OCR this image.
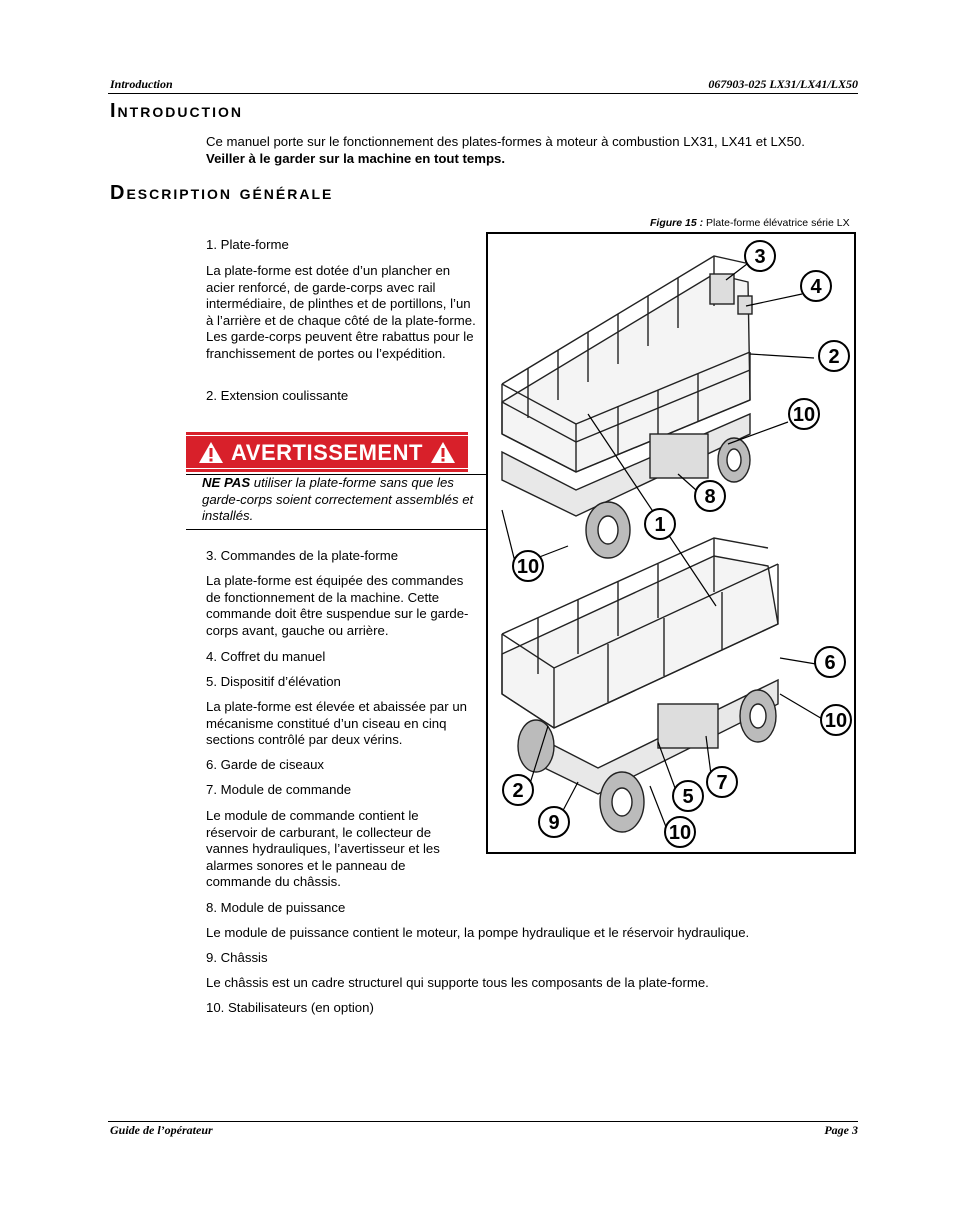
Introduction	067903-025 LX31/LX41/LX50
Introduction
Ce manuel porte sur le fonctionnement des plates-formes à moteur à combustion LX31, LX41 et LX50.
Veiller à le garder sur la machine en tout temps.
Description générale
1. Plate-forme
La plate-forme est dotée d’un plancher en acier renforcé, de garde-corps avec rail intermédiaire, de plinthes et de portillons, l’un à l’arrière et de chaque côté de la plate-forme. Les garde-corps peuvent être rabattus pour le franchissement de portes ou l’expédition.
2. Extension coulissante
AVERTISSEMENT
NE PAS utiliser la plate-forme sans que les garde-corps soient correctement assemblés et installés.
3. Commandes de la plate-forme
La plate-forme est équipée des commandes de fonctionnement de la machine. Cette commande doit être suspendue sur le garde-corps avant, gauche ou arrière.
4. Coffret du manuel
5. Dispositif d’élévation
La plate-forme est élevée et abaissée par un mécanisme constitué d’un ciseau en cinq sections contrôlé par deux vérins.
6. Garde de ciseaux
7. Module de commande
Le module de commande contient le réservoir de carburant, le collecteur de vannes hydrauliques, l’avertisseur et les alarmes sonores et le panneau de commande du châssis.
8. Module de puissance
Le module de puissance contient le moteur, la pompe hydraulique et le réservoir hydraulique.
9. Châssis
Le châssis est un cadre structurel qui supporte tous les composants de la plate-forme.
10. Stabilisateurs (en option)
Figure 15 : Plate-forme élévatrice série LX
3
4
2
10
8
1
10
6
10
2	5
7
9	10
Guide de l’opérateur	Page 3
